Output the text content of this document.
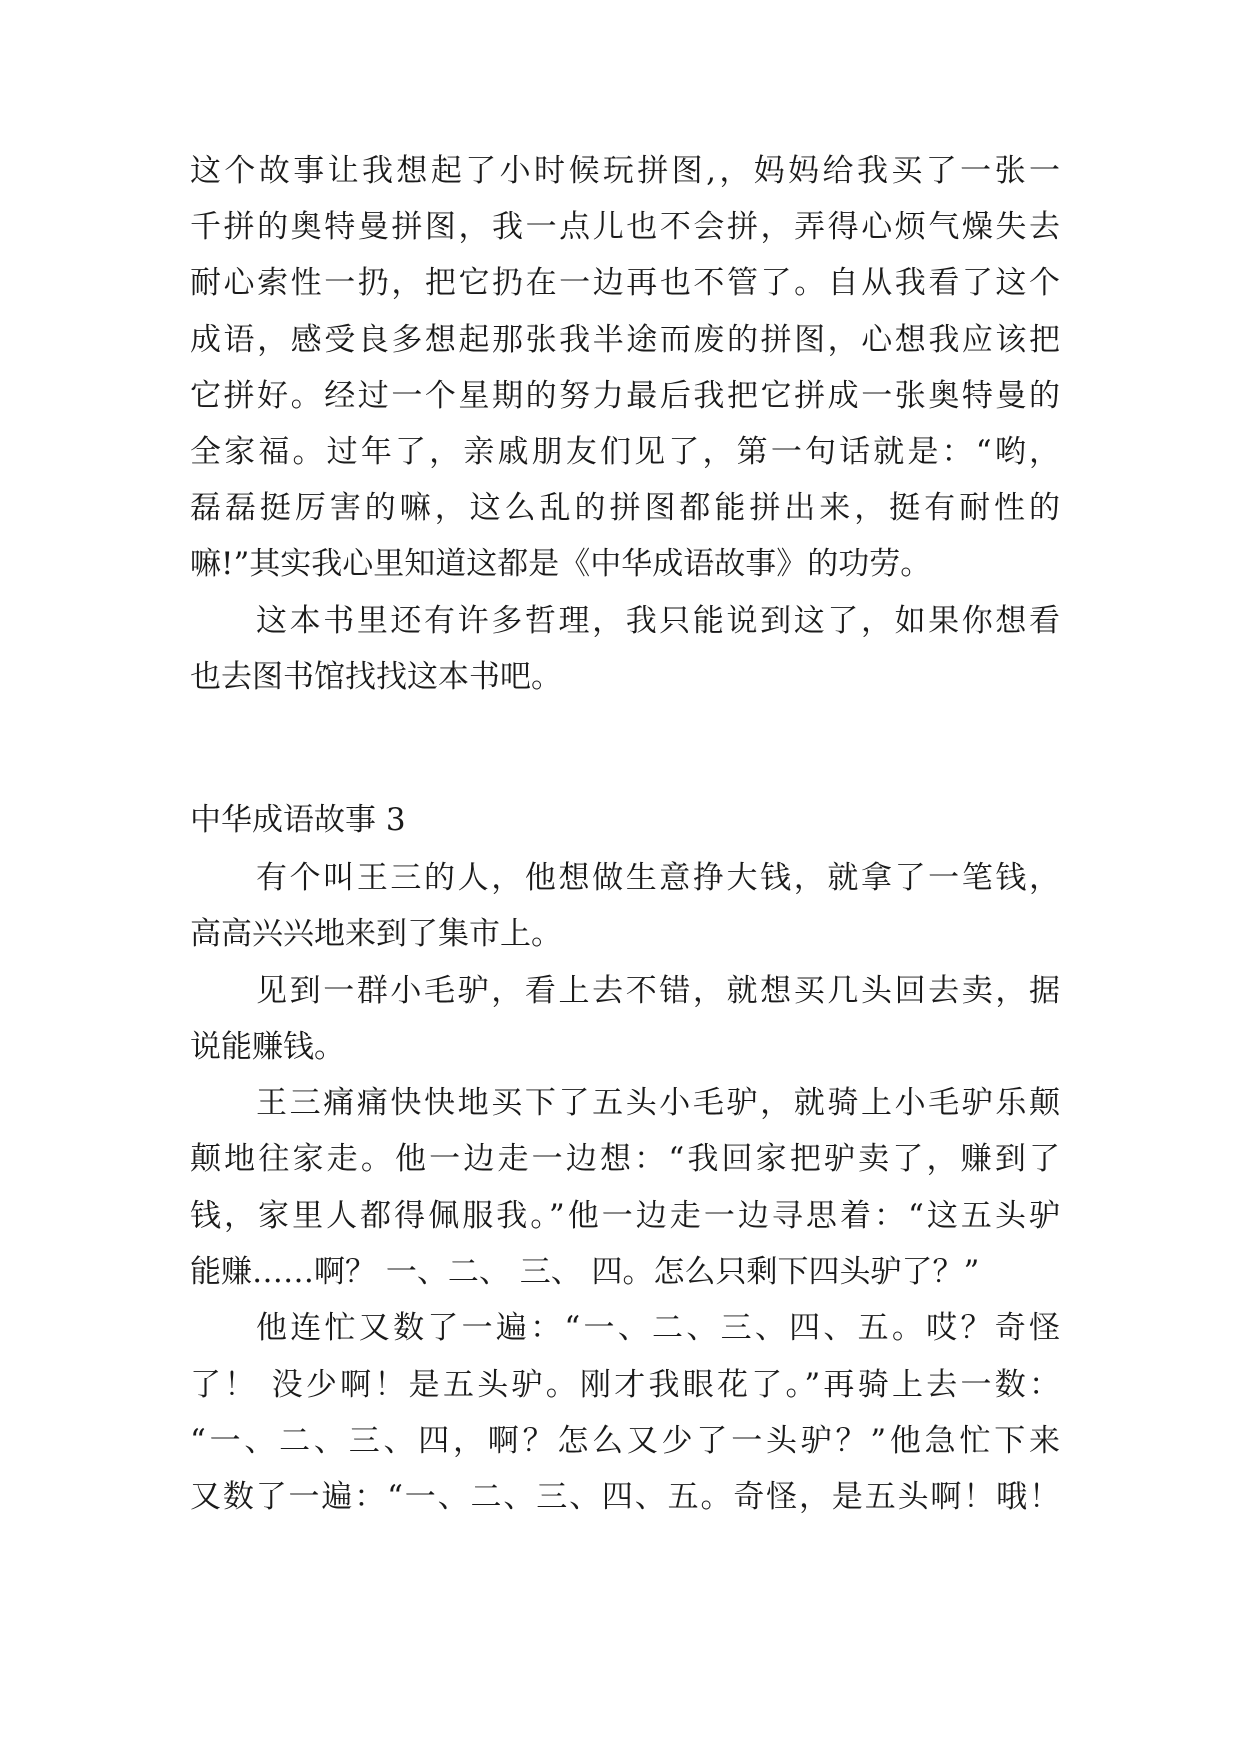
这个故事让我想起了小时候玩拼图,，妈妈给我买了一张一
千拼的奥特曼拼图，我一点儿也不会拼，弄得心烦气燥失去
耐心索性一扔，把它扔在一边再也不管了。自从我看了这个
成语，感受良多想起那张我半途而废的拼图，心想我应该把
它拼好。经过一个星期的努力最后我把它拼成一张奥特曼的
全家福。过年了，亲戚朋友们见了，第一句话就是：“哟，
磊磊挺厉害的嘛，这么乱的拼图都能拼出来，挺有耐性的
嘛!”其实我心里知道这都是《中华成语故事》的功劳。
这本书里还有许多哲理，我只能说到这了，如果你想看
也去图书馆找找这本书吧。
中华成语故事 3
有个叫王三的人，他想做生意挣大钱，就拿了一笔钱，
高高兴兴地来到了集市上。
见到一群小毛驴，看上去不错，就想买几头回去卖，据
说能赚钱。
王三痛痛快快地买下了五头小毛驴，就骑上小毛驴乐颠
颠地往家走。他一边走一边想：“我回家把驴卖了，赚到了
钱，家里人都得佩服我。”他一边走一边寻思着：“这五头驴
能赚……啊？ 一、二、 三、 四。怎么只剩下四头驴了？”
他连忙又数了一遍：“一、二、三、四、五。哎？奇怪
了！ 没少啊！是五头驴。刚才我眼花了。”再骑上去一数：
“一、二、三、四，啊？怎么又少了一头驴？”他急忙下来
又数了一遍：“一、二、三、四、五。奇怪，是五头啊！哦！
